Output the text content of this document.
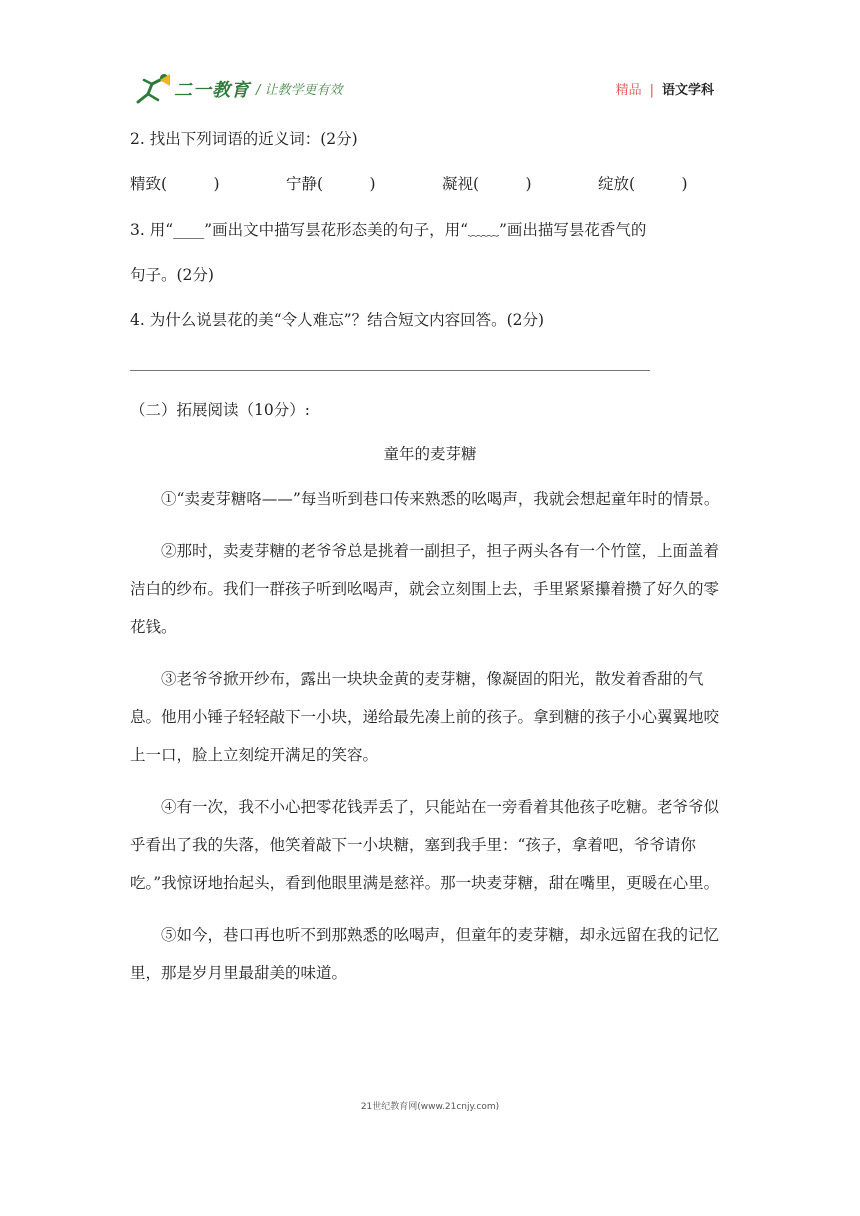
二一教育 / 让教学更有效	精品 | 语文学科
2. 找出下列词语的近义词：(2分)
精致(　　　)	宁静(　　　)	凝视(　　　)	绽放(　　　)
3. 用“____”画出文中描写昙花形态美的句子，用“﹏﹏”画出描写昙花香气的
句子。(2分)
4. 为什么说昙花的美“令人难忘”？结合短文内容回答。(2分)
（二）拓展阅读（10分）:
童年的麦芽糖

①“卖麦芽糖咯——”每当听到巷口传来熟悉的吆喝声，我就会想起童年时的情景。

②那时，卖麦芽糖的老爷爷总是挑着一副担子，担子两头各有一个竹筐，上面盖着洁白的纱布。我们一群孩子听到吆喝声，就会立刻围上去，手里紧紧攥着攒了好久的零花钱。

③老爷爷掀开纱布，露出一块块金黄的麦芽糖，像凝固的阳光，散发着香甜的气息。他用小锤子轻轻敲下一小块，递给最先凑上前的孩子。拿到糖的孩子小心翼翼地咬上一口，脸上立刻绽开满足的笑容。

④有一次，我不小心把零花钱弄丢了，只能站在一旁看着其他孩子吃糖。老爷爷似乎看出了我的失落，他笑着敲下一小块糖，塞到我手里：“孩子，拿着吧，爷爷请你吃。”我惊讶地抬起头，看到他眼里满是慈祥。那一块麦芽糖，甜在嘴里，更暖在心里。

⑤如今，巷口再也听不到那熟悉的吆喝声，但童年的麦芽糖，却永远留在我的记忆里，那是岁月里最甜美的味道。

21世纪教育网(www.21cnjy.com)
